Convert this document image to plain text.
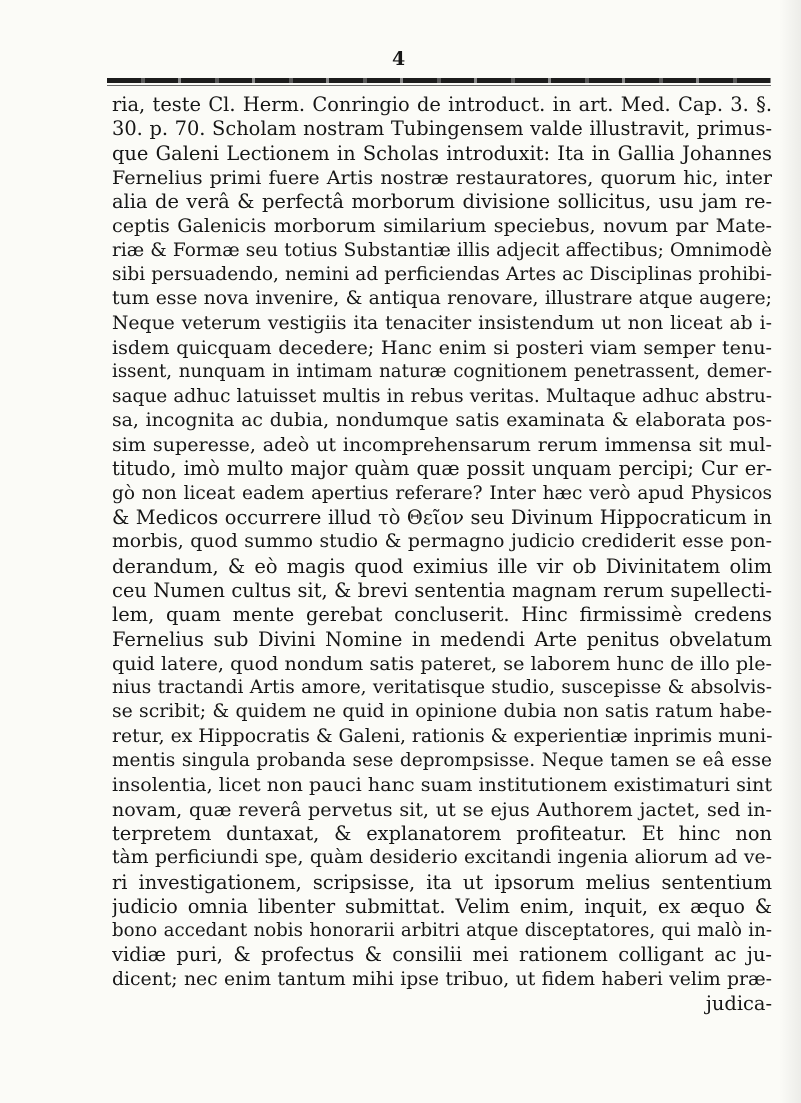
4
ria, teste Cl. Herm. Conringio de introduct. in art. Med. Cap. 3. §.
30. p. 70. Scholam nostram Tubingensem valde illustravit, primus-
que Galeni Lectionem in Scholas introduxit: Ita in Gallia Johannes
Fernelius primi fuere Artis nostræ restauratores, quorum hic, inter
alia de verâ & perfectâ morborum divisione sollicitus, usu jam re-
ceptis Galenicis morborum similarium speciebus, novum par Mate-
riæ & Formæ seu totius Substantiæ illis adjecit affectibus; Omnimodè
sibi persuadendo, nemini ad perficiendas Artes ac Disciplinas prohibi-
tum esse nova invenire, & antiqua renovare, illustrare atque augere;
Neque veterum vestigiis ita tenaciter insistendum ut non liceat ab i-
isdem quicquam decedere; Hanc enim si posteri viam semper tenu-
issent, nunquam in intimam naturæ cognitionem penetrassent, demer-
saque adhuc latuisset multis in rebus veritas. Multaque adhuc abstru-
sa, incognita ac dubia, nondumque satis examinata & elaborata pos-
sim superesse, adeò ut incomprehensarum rerum immensa sit mul-
titudo, imò multo major quàm quæ possit unquam percipi; Cur er-
gò non liceat eadem apertius referare? Inter hæc verò apud Physicos
& Medicos occurrere illud τὸ Θεῖον seu Divinum Hippocraticum in
morbis, quod summo studio & permagno judicio crediderit esse pon-
derandum, & eò magis quod eximius ille vir ob Divinitatem olim
ceu Numen cultus sit, & brevi sententia magnam rerum supellecti-
lem, quam mente gerebat concluserit. Hinc firmissimè credens
Fernelius sub Divini Nomine in medendi Arte penitus obvelatum
quid latere, quod nondum satis pateret, se laborem hunc de illo ple-
nius tractandi Artis amore, veritatisque studio, suscepisse & absolvis-
se scribit; & quidem ne quid in opinione dubia non satis ratum habe-
retur, ex Hippocratis & Galeni, rationis & experientiæ inprimis muni-
mentis singula probanda sese deprompsisse. Neque tamen se eâ esse
insolentia, licet non pauci hanc suam institutionem existimaturi sint
novam, quæ reverâ pervetus sit, ut se ejus Authorem jactet, sed in-
terpretem duntaxat, & explanatorem profiteatur. Et hinc non
tàm perficiundi spe, quàm desiderio excitandi ingenia aliorum ad ve-
ri investigationem, scripsisse, ita ut ipsorum melius sententium
judicio omnia libenter submittat. Velim enim, inquit, ex æquo &
bono accedant nobis honorarii arbitri atque disceptatores, qui malò in-
vidiæ puri, & profectus & consilii mei rationem colligant ac ju-
dicent; nec enim tantum mihi ipse tribuo, ut fidem haberi velim præ-
judica-
